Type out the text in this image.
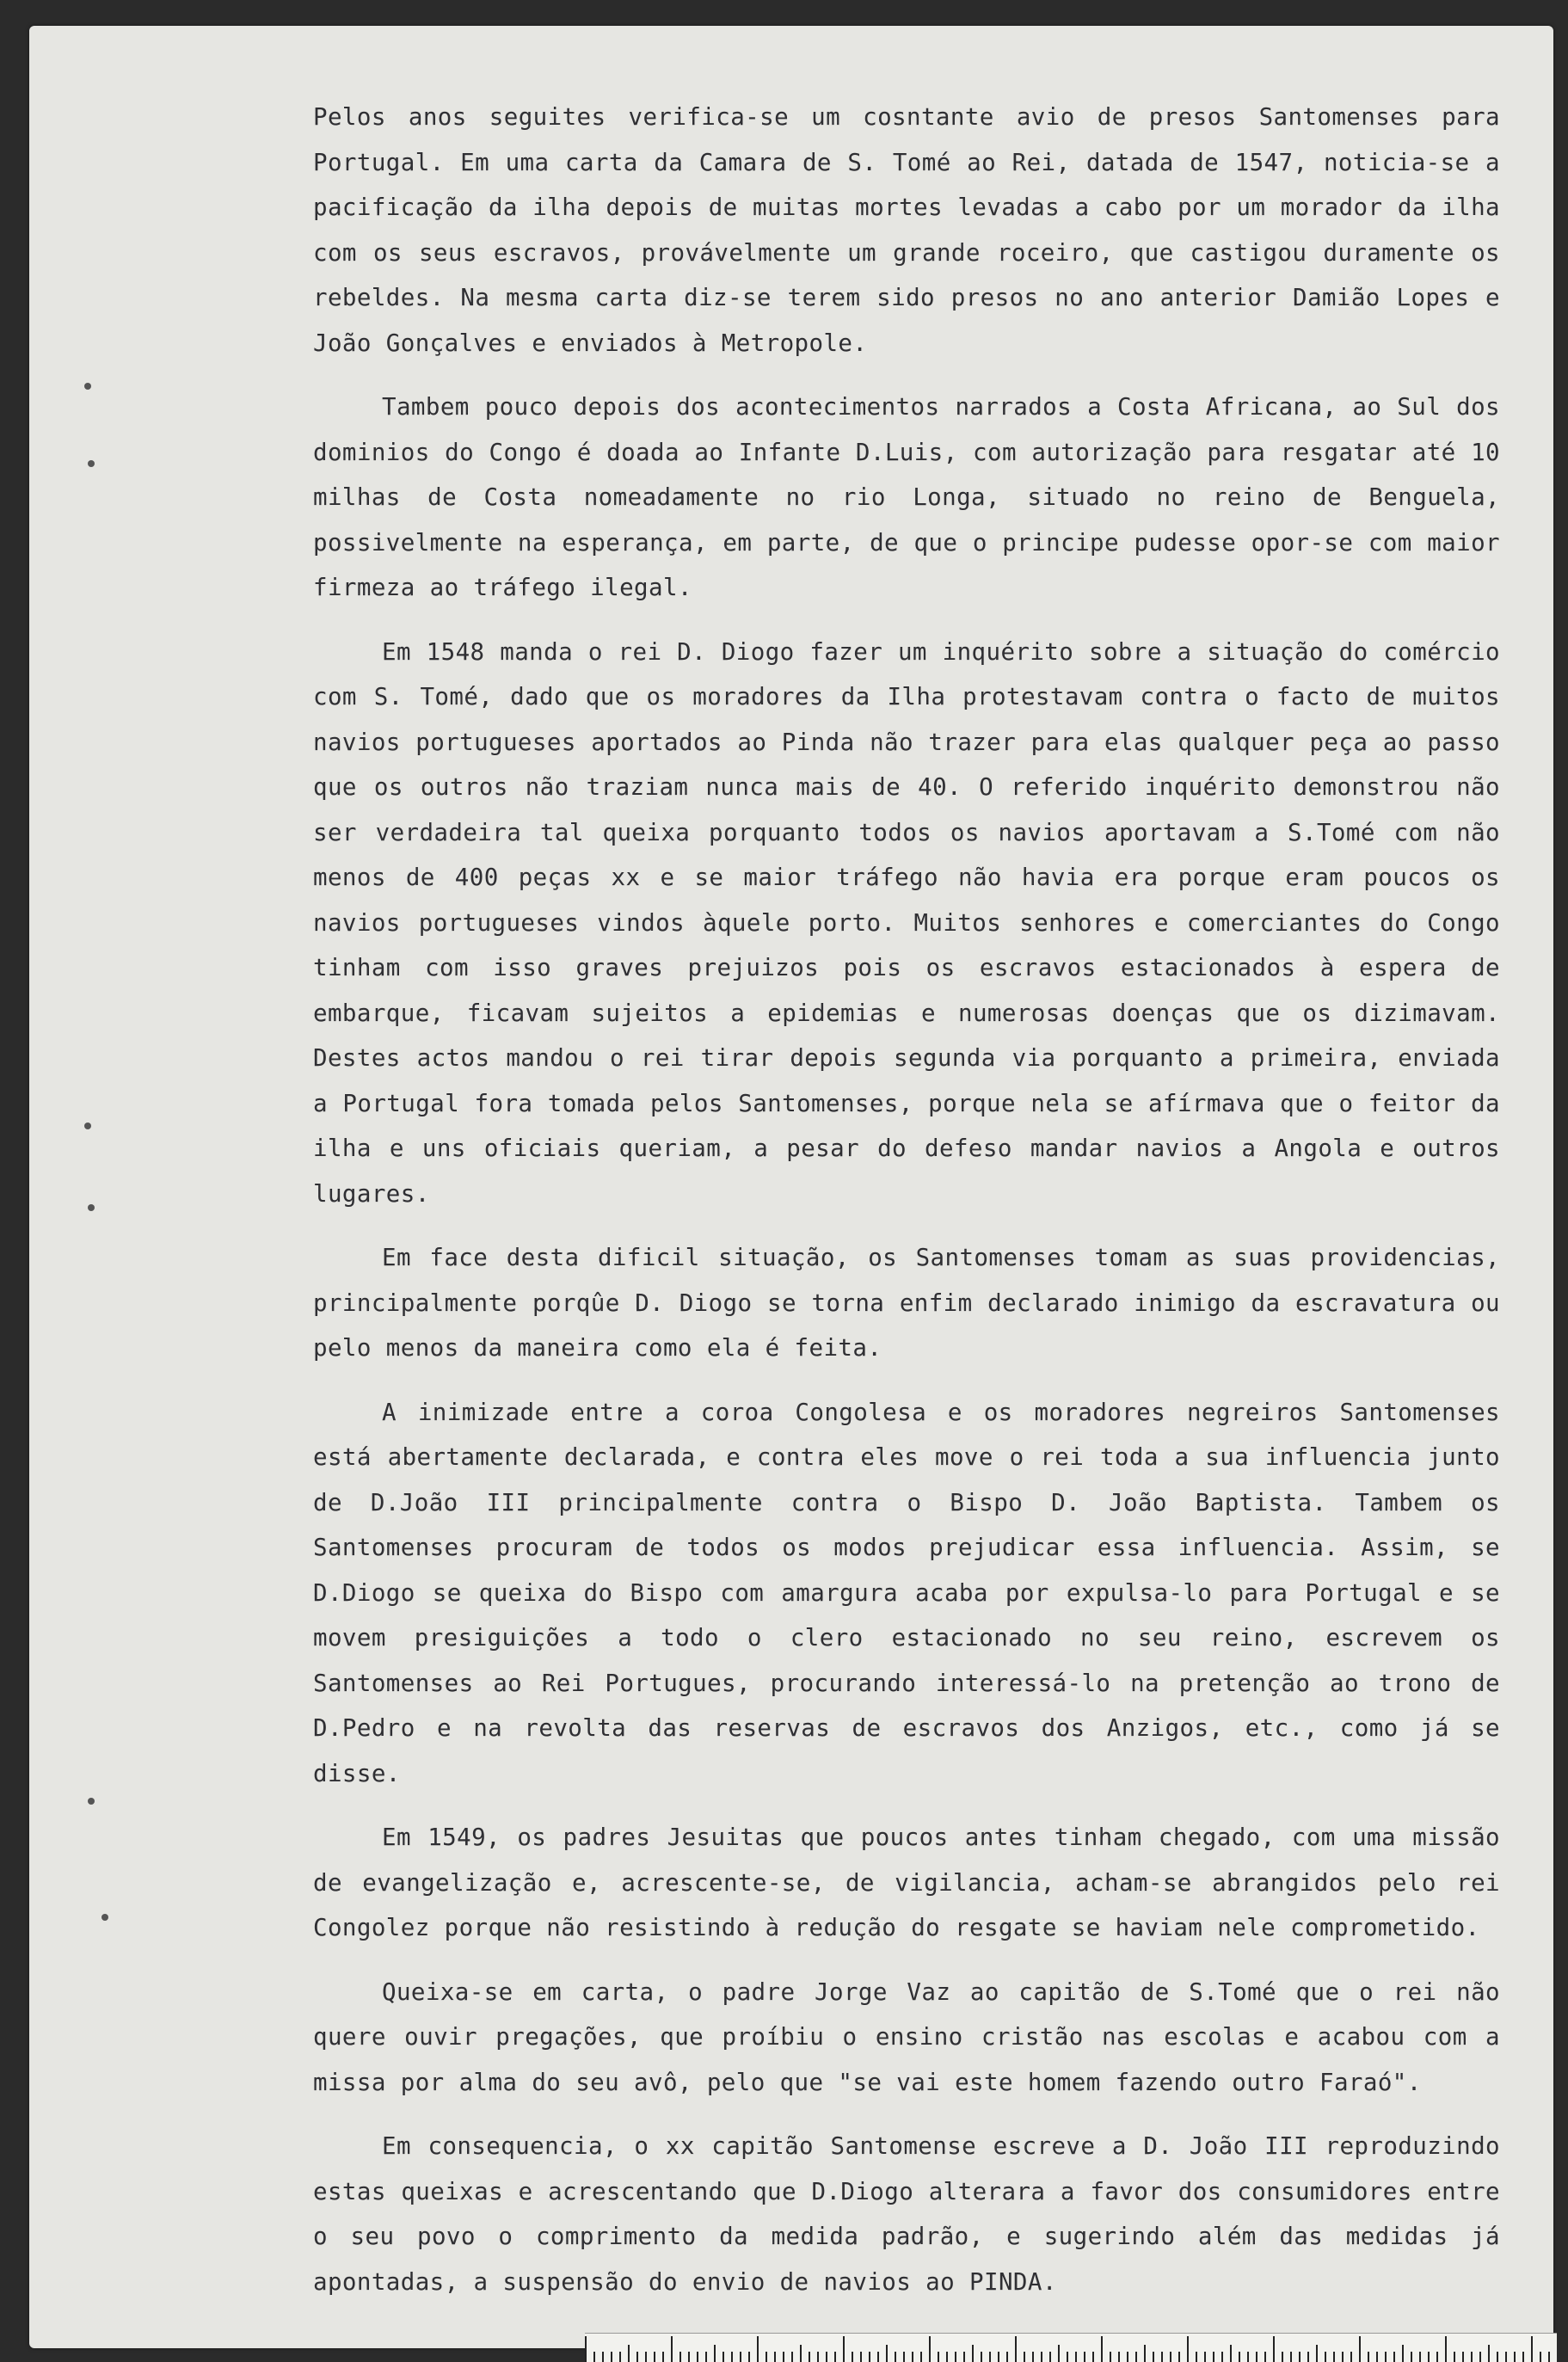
Pelos anos seguites verifica-se um cosntante avio de presos Santomenses para Portugal. Em uma carta da Camara de S. Tomé ao Rei, datada de 1547, noticia-se a pacificação da ilha depois de muitas mortes levadas a cabo por um morador da ilha com os seus escravos, provávelmente um grande roceiro, que castigou duramente os rebeldes. Na mesma carta diz-se terem sido presos no ano anterior Damião Lopes e João Gonçalves e enviados à Metropole.

Tambem pouco depois dos acontecimentos narrados a Costa Africana, ao Sul dos dominios do Congo é doada ao Infante D.Luis, com autorização para resgatar até 10 milhas de Costa nomeadamente no rio Longa, situado no reino de Benguela, possivelmente na esperança, em parte, de que o principe pudesse opor-se com maior firmeza ao tráfego ilegal.

Em 1548 manda o rei D. Diogo fazer um inquérito sobre a situação do comércio com S. Tomé, dado que os moradores da Ilha protestavam contra o facto de muitos navios portugueses aportados ao Pinda não trazer para elas qualquer peça ao passo que os outros não traziam nunca mais de 40. O referido inquérito demonstrou não ser verdadeira tal queixa porquanto todos os navios aportavam a S.Tomé com não menos de 400 peças xx e se maior tráfego não havia era porque eram poucos os navios portugueses vindos àquele porto. Muitos senhores e comerciantes do Congo tinham com isso graves prejuizos pois os escravos estacionados à espera de embarque, ficavam sujeitos a epidemias e numerosas doenças que os dizimavam. Destes actos mandou o rei tirar depois segunda via porquanto a primeira, enviada a Portugal fora tomada pelos Santomenses, porque nela se afírmava que o feitor da ilha e uns oficiais queriam, a pesar do defeso mandar navios a Angola e outros lugares.

Em face desta dificil situação, os Santomenses tomam as suas providencias, principalmente porqûe D. Diogo se torna enfim declarado inimigo da escravatura ou pelo menos da maneira como ela é feita.

A inimizade entre a coroa Congolesa e os moradores negreiros Santomenses está abertamente declarada, e contra eles move o rei toda a sua influencia junto de D.João III principalmente contra o Bispo D. João Baptista. Tambem os Santomenses procuram de todos os modos prejudicar essa influencia. Assim, se D.Diogo se queixa do Bispo com amargura acaba por expulsa-lo para Portugal e se movem presiguições a todo o clero estacionado no seu reino, escrevem os Santomenses ao Rei Portugues, procurando interessá-lo na pretenção ao trono de D.Pedro e na revolta das reservas de escravos dos Anzigos, etc., como já se disse.

Em 1549, os padres Jesuitas que poucos antes tinham chegado, com uma missão de evangelização e, acrescente-se, de vigilancia, acham-se abrangidos pelo rei Congolez porque não resistindo à redução do resgate se haviam nele comprometido.

Queixa-se em carta, o padre Jorge Vaz ao capitão de S.Tomé que o rei não quere ouvir pregações, que proíbiu o ensino cristão nas escolas e acabou com a missa por alma do seu avô, pelo que "se vai este homem fazendo outro Faraó".

Em consequencia, o xx capitão Santomense escreve a D. João III reproduzindo estas queixas e acrescentando que D.Diogo alterara a favor dos consumidores entre o seu povo o comprimento da medida padrão, e sugerindo além das medidas já apontadas, a suspensão do envio de navios ao PINDA.
